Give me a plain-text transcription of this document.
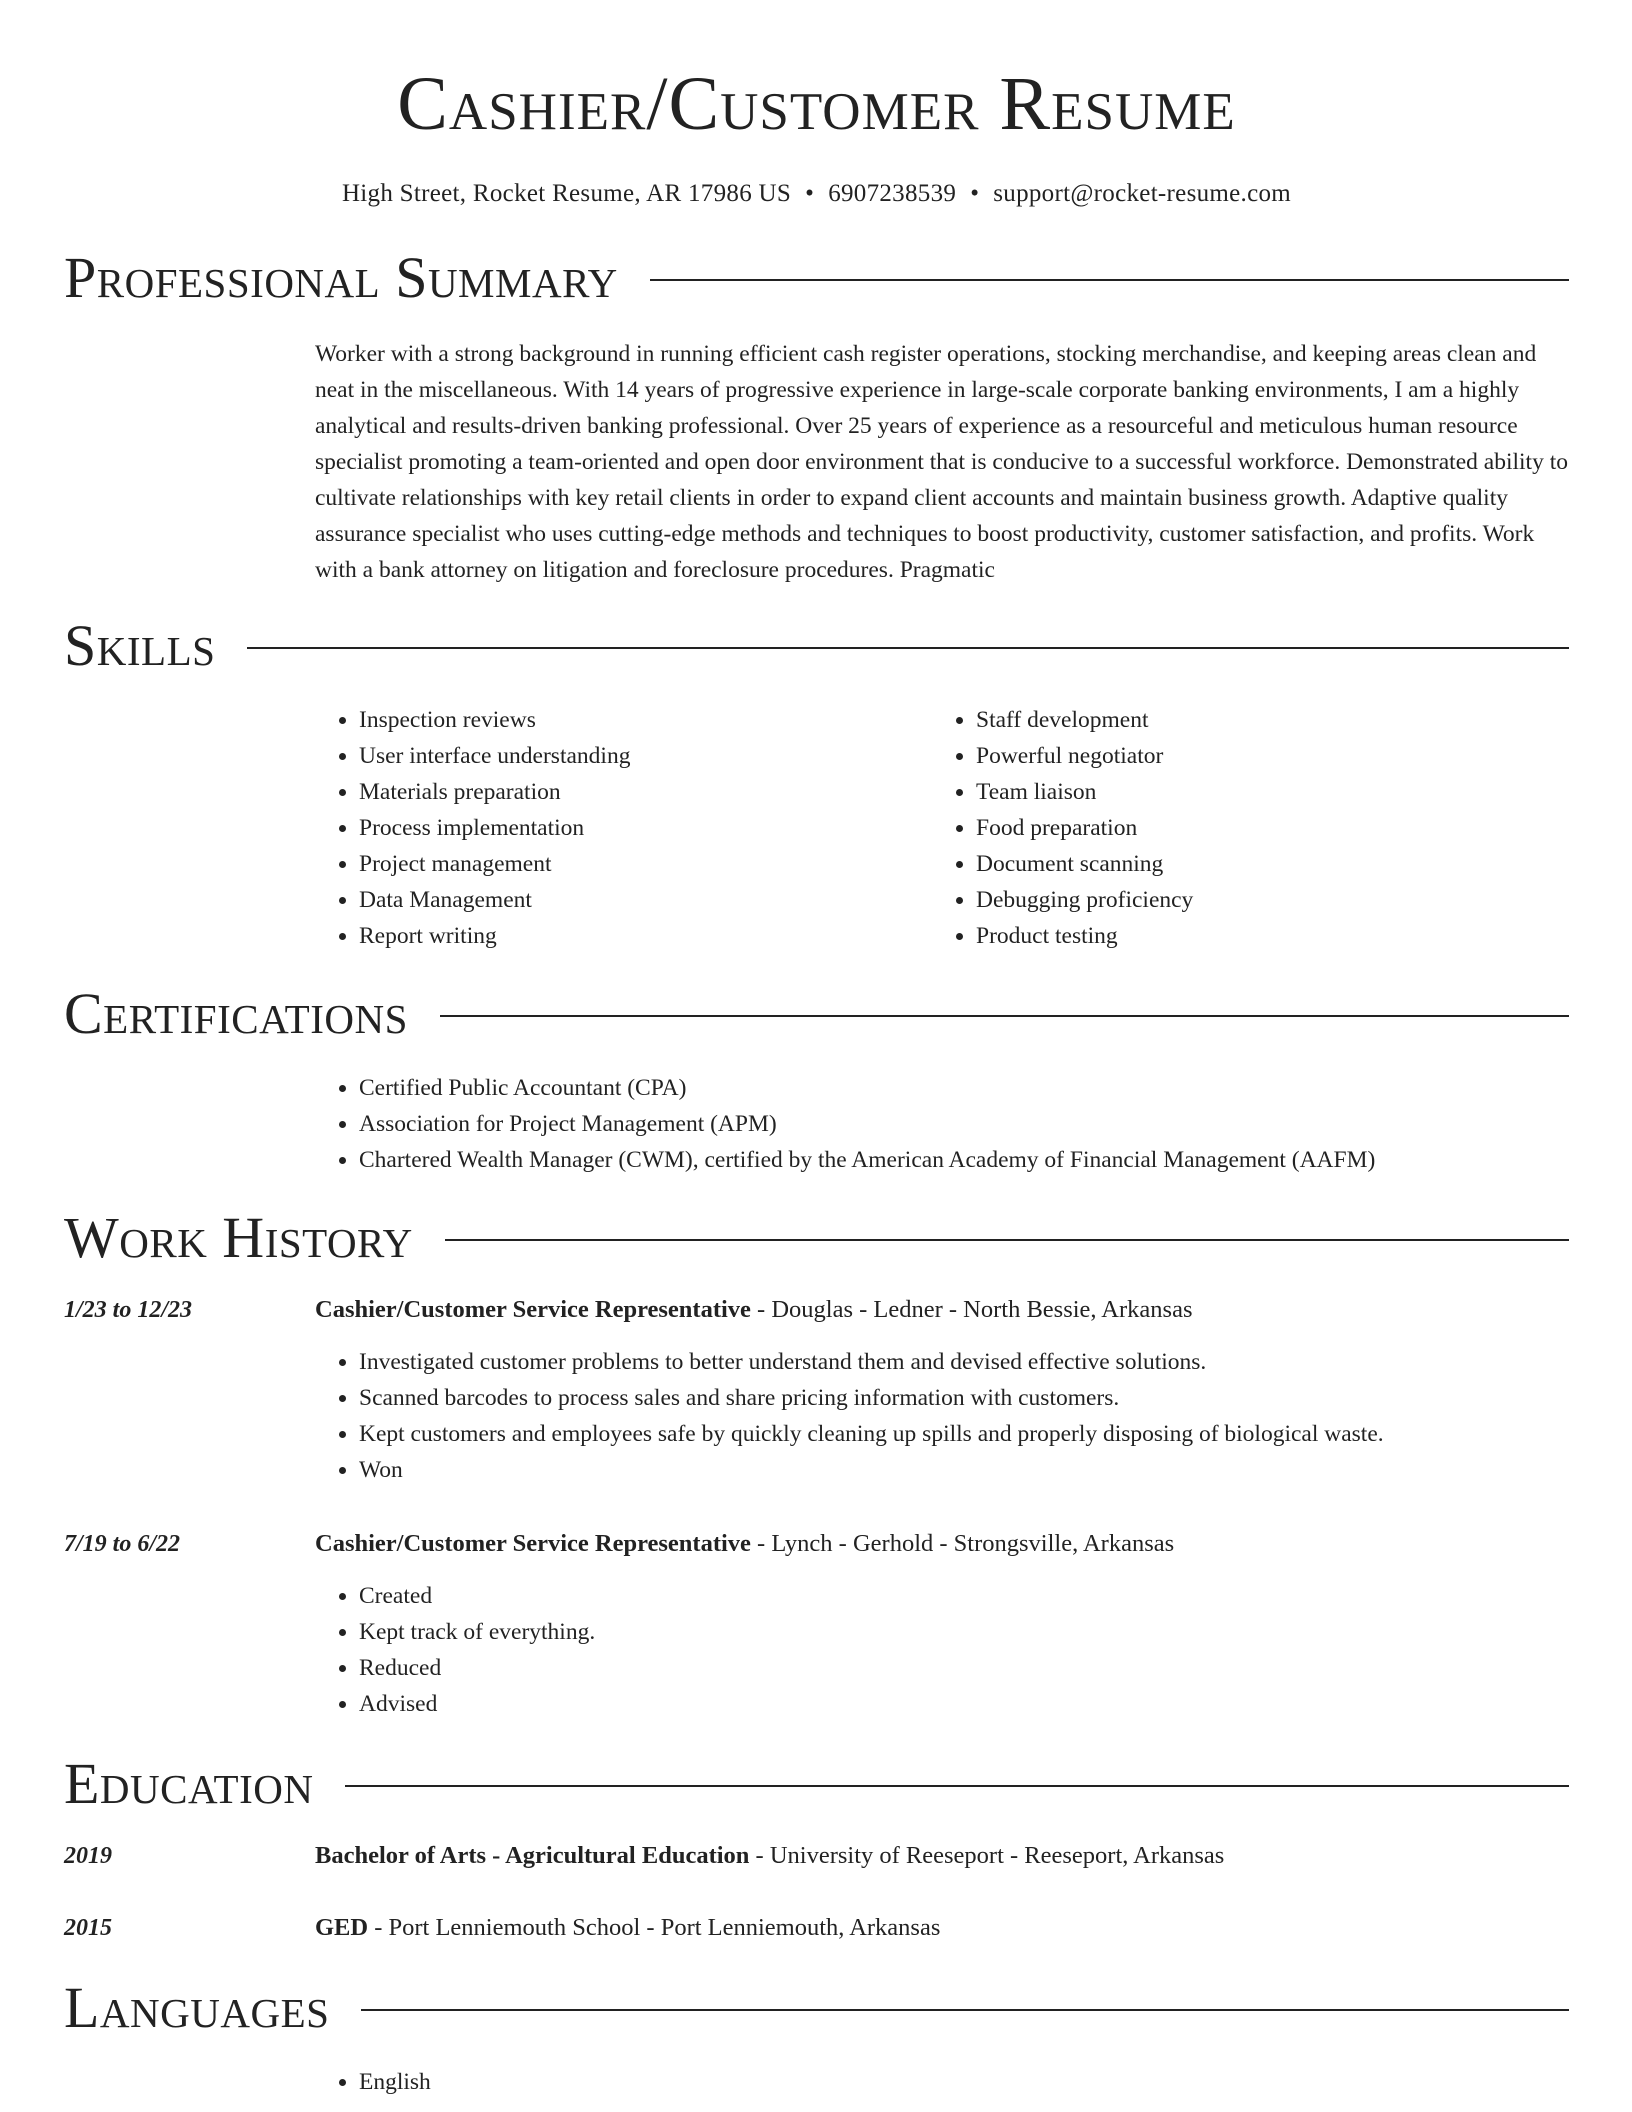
Cashier/Customer Resume
High Street, Rocket Resume, AR 17986 US • 6907238539 • support@rocket-resume.com
Professional Summary
Worker with a strong background in running efficient cash register operations, stocking merchandise, and keeping areas clean and neat in the miscellaneous. With 14 years of progressive experience in large-scale corporate banking environments, I am a highly analytical and results-driven banking professional. Over 25 years of experience as a resourceful and meticulous human resource specialist promoting a team-oriented and open door environment that is conducive to a successful workforce. Demonstrated ability to cultivate relationships with key retail clients in order to expand client accounts and maintain business growth. Adaptive quality assurance specialist who uses cutting-edge methods and techniques to boost productivity, customer satisfaction, and profits. Work with a bank attorney on litigation and foreclosure procedures. Pragmatic
Skills
• Inspection reviews
• User interface understanding
• Materials preparation
• Process implementation
• Project management
• Data Management
• Report writing
• Staff development
• Powerful negotiator
• Team liaison
• Food preparation
• Document scanning
• Debugging proficiency
• Product testing
Certifications
• Certified Public Accountant (CPA)
• Association for Project Management (APM)
• Chartered Wealth Manager (CWM), certified by the American Academy of Financial Management (AAFM)
Work History
1/23 to 12/23	Cashier/Customer Service Representative - Douglas - Ledner - North Bessie, Arkansas
• Investigated customer problems to better understand them and devised effective solutions.
• Scanned barcodes to process sales and share pricing information with customers.
• Kept customers and employees safe by quickly cleaning up spills and properly disposing of biological waste.
• Won
7/19 to 6/22	Cashier/Customer Service Representative - Lynch - Gerhold - Strongsville, Arkansas
• Created
• Kept track of everything.
• Reduced
• Advised
Education
2019	Bachelor of Arts - Agricultural Education - University of Reeseport - Reeseport, Arkansas
2015	GED - Port Lenniemouth School - Port Lenniemouth, Arkansas
Languages
• English
